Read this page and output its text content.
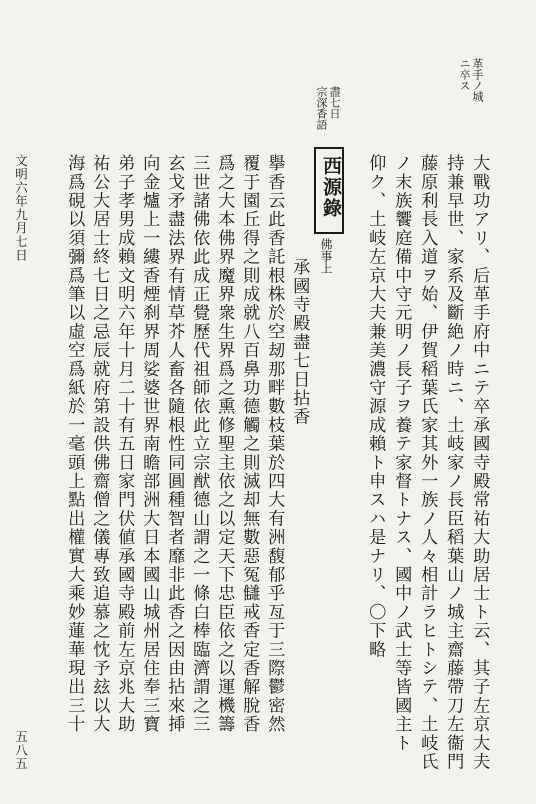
革手ノ城
ニ卒ス
盡七日
宗深香語
大戰功アリ、后革手府中ニテ卒承國寺殿常祐大助居士ト云、其子左京大夫
持兼早世、家系及斷絶ノ時ニ、土岐家ノ長臣稻葉山ノ城主齋藤帶刀左衞門
藤原利長入道ヲ始、伊賀稻葉氏家其外一族ノ人々相計ラヒトシテ、土岐氏
ノ末族饗庭備中守元明ノ長子ヲ養テ家督トナス、國中ノ武士等皆國主ト
仰ク、土岐左京大夫兼美濃守源成賴ト申スハ是ナリ、〇下略
西源錄
佛事上
承國寺殿盡七日拈香
擧香云此香託根株於空刼那畔數枝葉於四大有洲馥郁乎亙于三際鬱密然
覆于園丘得之則成就八百鼻功德觸之則滅却無數惡冤讎戒香定香解脫香
爲之大本佛界魔界衆生界爲之熏修聖主依之以定天下忠臣依之以運機籌
三世諸佛依此成正覺歷代祖師依此立宗猷德山謂之一條白棒臨濟謂之三
玄戈矛盡法界有情草芥人畜各隨根性同圓種智者靡非此香之因由拈來揷
向金爐上一縷香煙刹界周娑婆世界南瞻部洲大日本國山城州居住奉三寶
弟子孝男成賴文明六年十月二十有五日家門伏値承國寺殿前左京兆大助
祐公大居士終七日之忌辰就府第設供佛齋僧之儀專致追慕之忱予玆以大
海爲硯以須彌爲筆以虛空爲紙於一毫頭上點出權實大乘妙蓮華現出三十
文明六年九月七日
五八五
